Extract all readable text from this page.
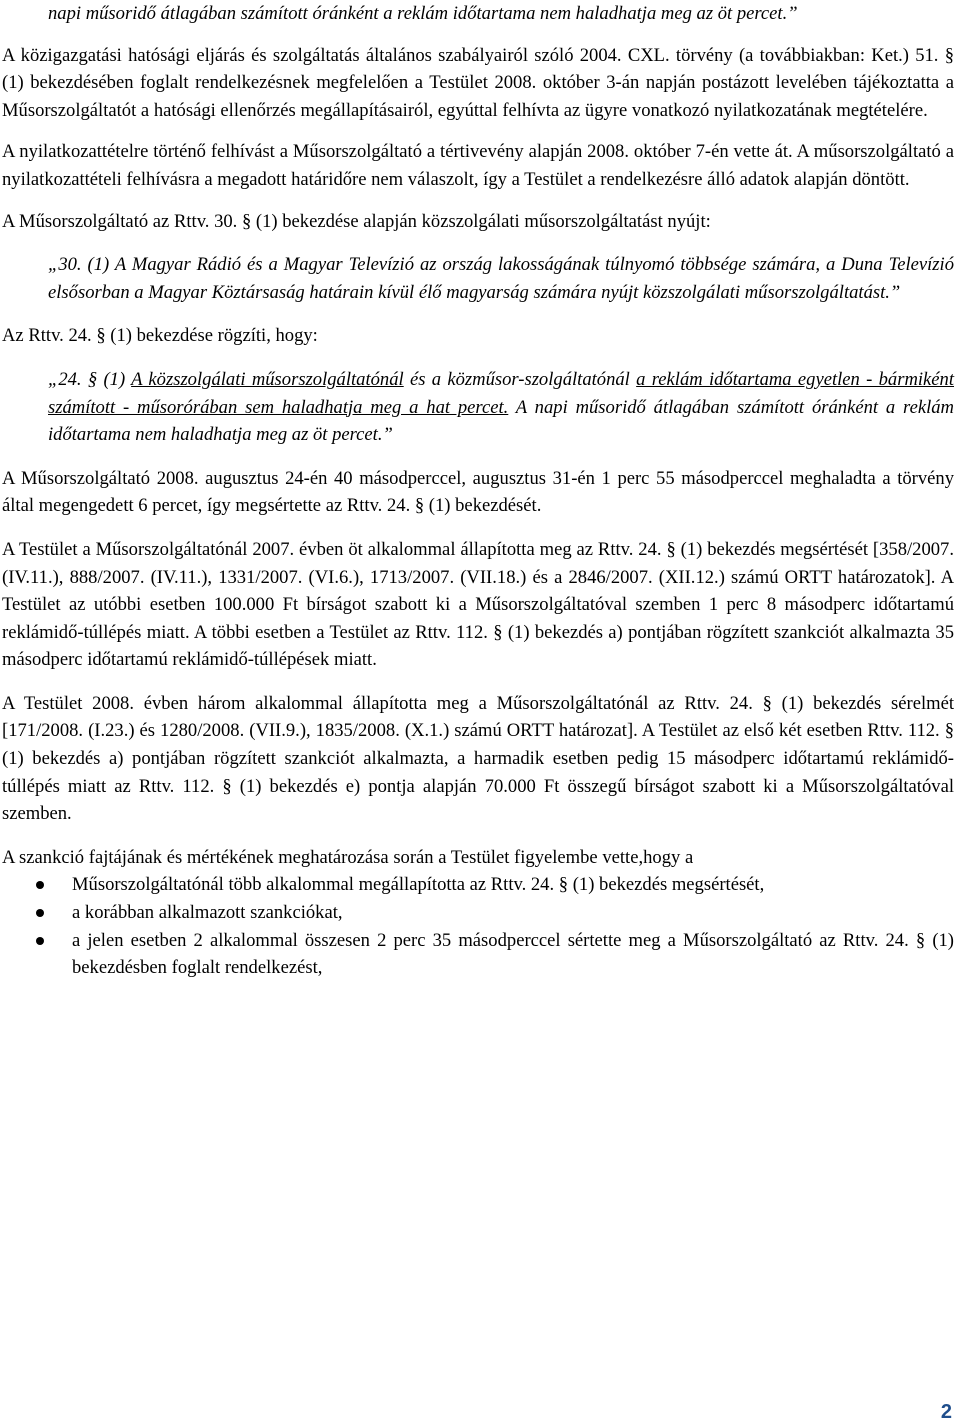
napi műsoridő átlagában számított óránként a reklám időtartama nem haladhatja meg az öt percet.”

A közigazgatási hatósági eljárás és szolgáltatás általános szabályairól szóló 2004. CXL. törvény (a továbbiakban: Ket.) 51. § (1) bekezdésében foglalt rendelkezésnek megfelelően a Testület 2008. október 3-án napján postázott levelében tájékoztatta a Műsorszolgáltatót a hatósági ellenőrzés megállapításairól, egyúttal felhívta az ügyre vonatkozó nyilatkozatának megtételére.

A nyilatkozattételre történő felhívást a Műsorszolgáltató a tértivevény alapján 2008. október 7-én vette át. A műsorszolgáltató a nyilatkozattételi felhívásra a megadott határidőre nem válaszolt, így a Testület a rendelkezésre álló adatok alapján döntött.

A Műsorszolgáltató az Rttv. 30. § (1) bekezdése alapján közszolgálati műsorszolgáltatást nyújt:

„30. (1) A Magyar Rádió és a Magyar Televízió az ország lakosságának túlnyomó többsége számára, a Duna Televízió elsősorban a Magyar Köztársaság határain kívül élő magyarság számára nyújt közszolgálati műsorszolgáltatást.”

Az Rttv. 24. § (1) bekezdése rögzíti, hogy:

„24. § (1) A közszolgálati műsorszolgáltatónál és a közműsor-szolgáltatónál a reklám időtartama egyetlen - bármiként számított - műsorórában sem haladhatja meg a hat percet. A napi műsoridő átlagában számított óránként a reklám időtartama nem haladhatja meg az öt percet.”

A Műsorszolgáltató 2008. augusztus 24-én 40 másodperccel, augusztus 31-én 1 perc 55 másodperccel meghaladta a törvény által megengedett 6 percet, így megsértette az Rttv. 24. § (1) bekezdését.

A Testület a Műsorszolgáltatónál 2007. évben öt alkalommal állapította meg az Rttv. 24. § (1) bekezdés megsértését [358/2007. (IV.11.), 888/2007. (IV.11.), 1331/2007. (VI.6.), 1713/2007. (VII.18.) és a 2846/2007. (XII.12.) számú ORTT határozatok]. A Testület az utóbbi esetben 100.000 Ft bírságot szabott ki a Műsorszolgáltatóval szemben 1 perc 8 másodperc időtartamú reklámidő-túllépés miatt. A többi esetben a Testület az Rttv. 112. § (1) bekezdés a) pontjában rögzített szankciót alkalmazta 35 másodperc időtartamú reklámidő-túllépések miatt.

A Testület 2008. évben három alkalommal állapította meg a Műsorszolgáltatónál az Rttv. 24. § (1) bekezdés sérelmét [171/2008. (I.23.) és 1280/2008. (VII.9.), 1835/2008. (X.1.) számú ORTT határozat]. A Testület az első két esetben Rttv. 112. § (1) bekezdés a) pontjában rögzített szankciót alkalmazta, a harmadik esetben pedig 15 másodperc időtartamú reklámidő-túllépés miatt az Rttv. 112. § (1) bekezdés e) pontja alapján 70.000 Ft összegű bírságot szabott ki a Műsorszolgáltatóval szemben.

A szankció fajtájának és mértékének meghatározása során a Testület figyelembe vette,hogy a

Műsorszolgáltatónál több alkalommal megállapította az Rttv. 24. § (1) bekezdés megsértését,
a korábban alkalmazott szankciókat,
a jelen esetben 2 alkalommal összesen 2 perc 35 másodperccel sértette meg a Műsorszolgáltató az Rttv. 24. § (1) bekezdésben foglalt rendelkezést,
2
